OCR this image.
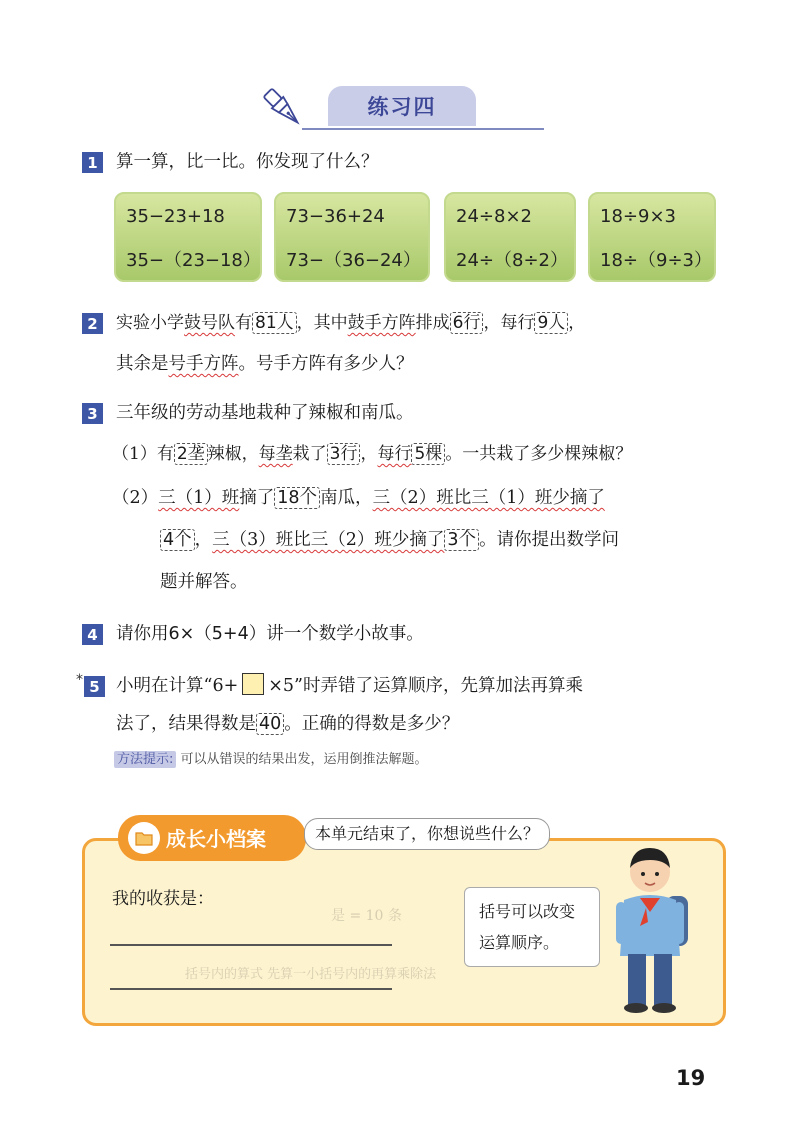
练习四
1	算一算，比一比。你发现了什么？
35−23+18
35−（23−18）
73−36+24
73−（36−24）
24÷8×2
24÷（8÷2）
18÷9×3
18÷（9÷3）
2	实验小学鼓号队有 81人 ，其中鼓手方阵排成 6行 ，每行 9人 ，
其余是号手方阵。号手方阵有多少人？
3	三年级的劳动基地栽种了辣椒和南瓜。
（1）有 2垄 辣椒，每垄栽了 3行 ，每行 5棵 。一共栽了多少棵辣椒？
（2）三（1）班摘了 18个 南瓜，三（2）班比三（1）班少摘了
4个 ，三（3）班比三（2）班少摘了 3个 。请你提出数学问
题并解答。
4	请你用6×（5+4）讲一个数学小故事。
* 5 小明在计算“6+ ×5”时弄错了运算顺序，先算加法再算乘
法了，结果得数是 40 。正确的得数是多少？
方法提示: 可以从错误的结果出发，运用倒推法解题。
是 = 10 条
括号内的算式 先算一小括号内的再算乘除法
成长小档案	本单元结束了，你想说些什么？
我的收获是：
括号可以改变
运算顺序。
19
